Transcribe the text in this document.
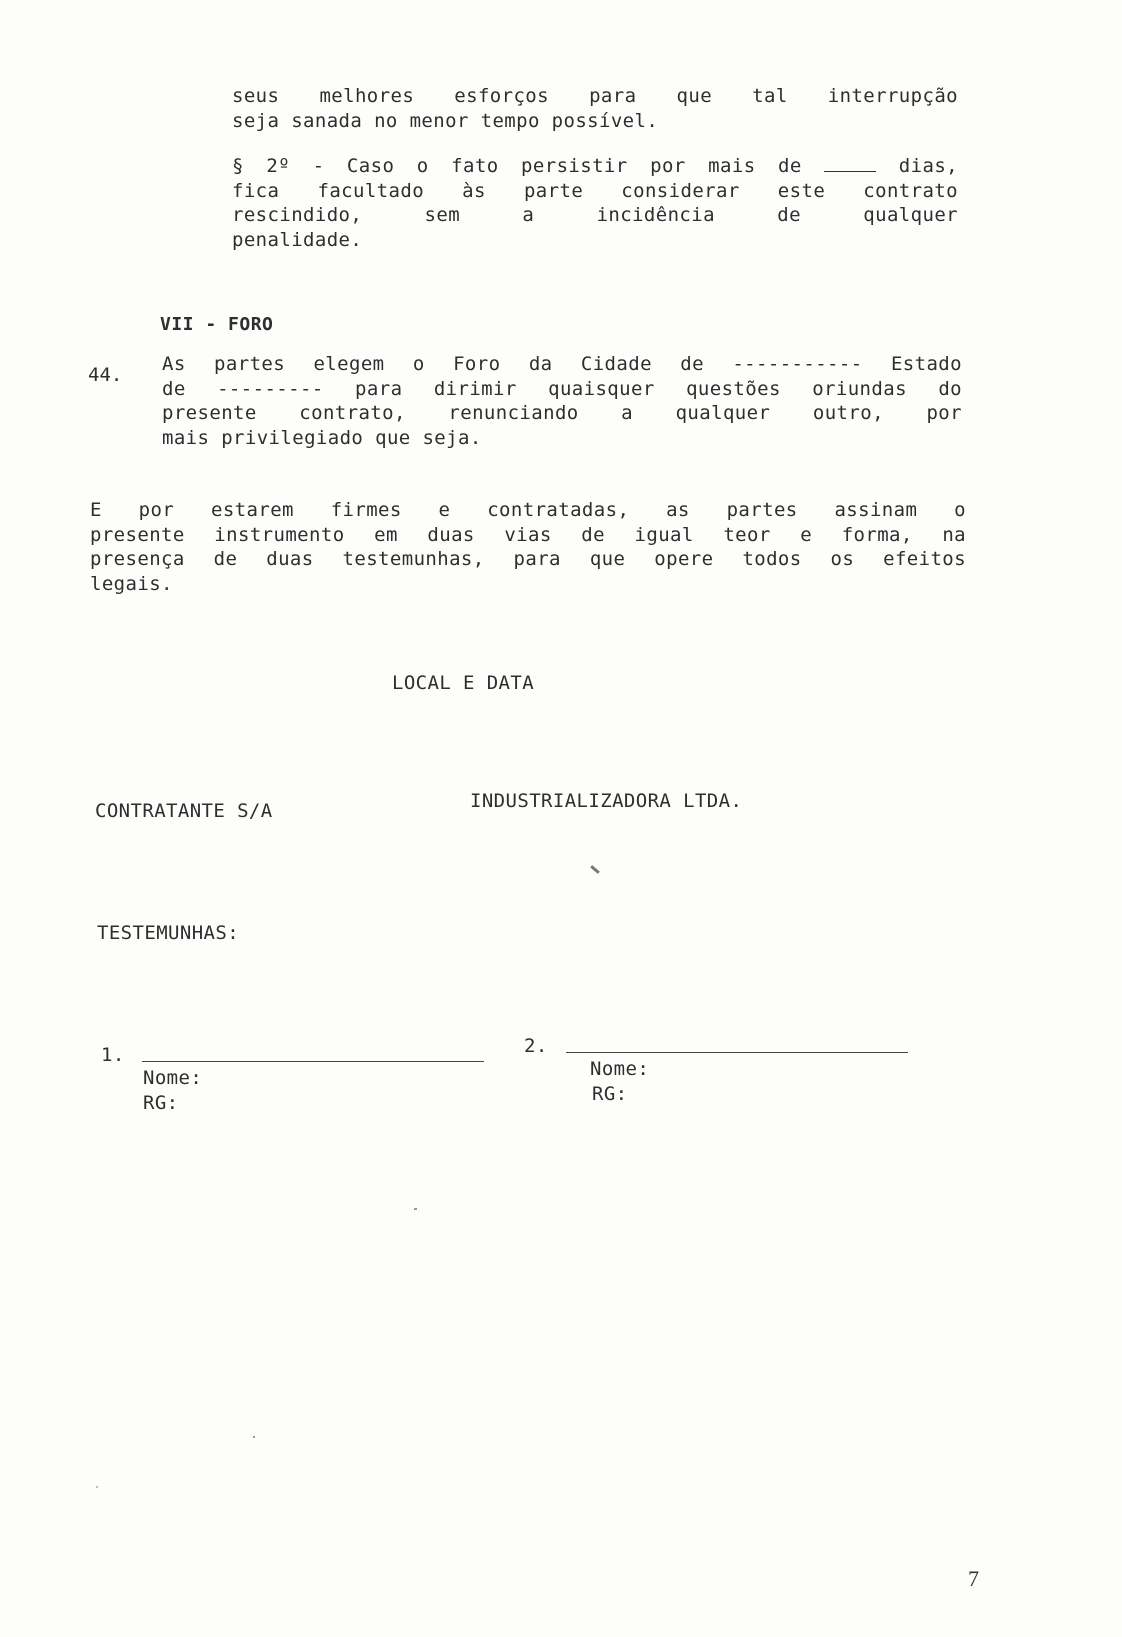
seus melhores esforços para que tal interrupção
seja sanada no menor tempo possível.
§ 2º - Caso o fato persistir por mais de	dias,
fica facultado às parte considerar este contrato
rescindido, sem a incidência de qualquer
penalidade.
VII - FORO
44. As partes elegem o Foro da Cidade de ----------- Estado
de --------- para dirimir quaisquer questões oriundas do
presente contrato, renunciando a qualquer outro, por
mais privilegiado que seja.
E por estarem firmes e contratadas, as partes assinam o
presente instrumento em duas vias de igual teor e forma, na
presença de duas testemunhas, para que opere todos os efeitos
legais.
LOCAL E DATA
CONTRATANTE S/A	INDUSTRIALIZADORA LTDA.
TESTEMUNHAS:
1.
Nome:
RG:
2.
Nome:
RG:
7
